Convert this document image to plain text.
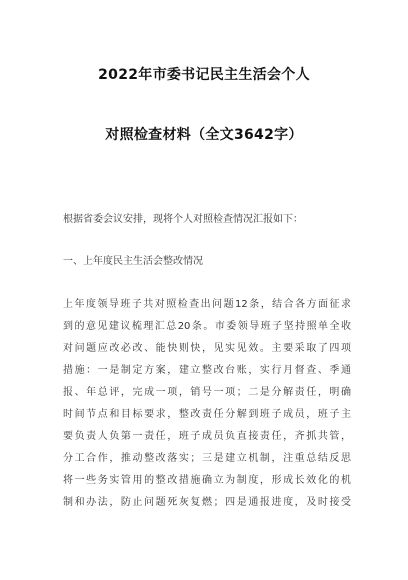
2022年市委书记民主生活会个人
对照检查材料（全文3642字）
根据省委会议安排，现将个人对照检查情况汇报如下：
一、上年度民主生活会整改情况
上年度领导班子共对照检查出问题12条，结合各方面征求
到的意见建议梳理汇总20条。市委领导班子坚持照单全收
对问题应改必改、能快则快，见实见效。主要采取了四项
措施：一是制定方案，建立整改台账，实行月督查、季通
报、年总评，完成一项，销号一项；二是分解责任，明确
时间节点和目标要求，整改责任分解到班子成员，班子主
要负责人负第一责任，班子成员负直接责任，齐抓共管，
分工合作，推动整改落实；三是建立机制，注重总结反思
将一些务实管用的整改措施确立为制度，形成长效化的机
制和办法，防止问题死灰复燃；四是通报进度，及时接受
